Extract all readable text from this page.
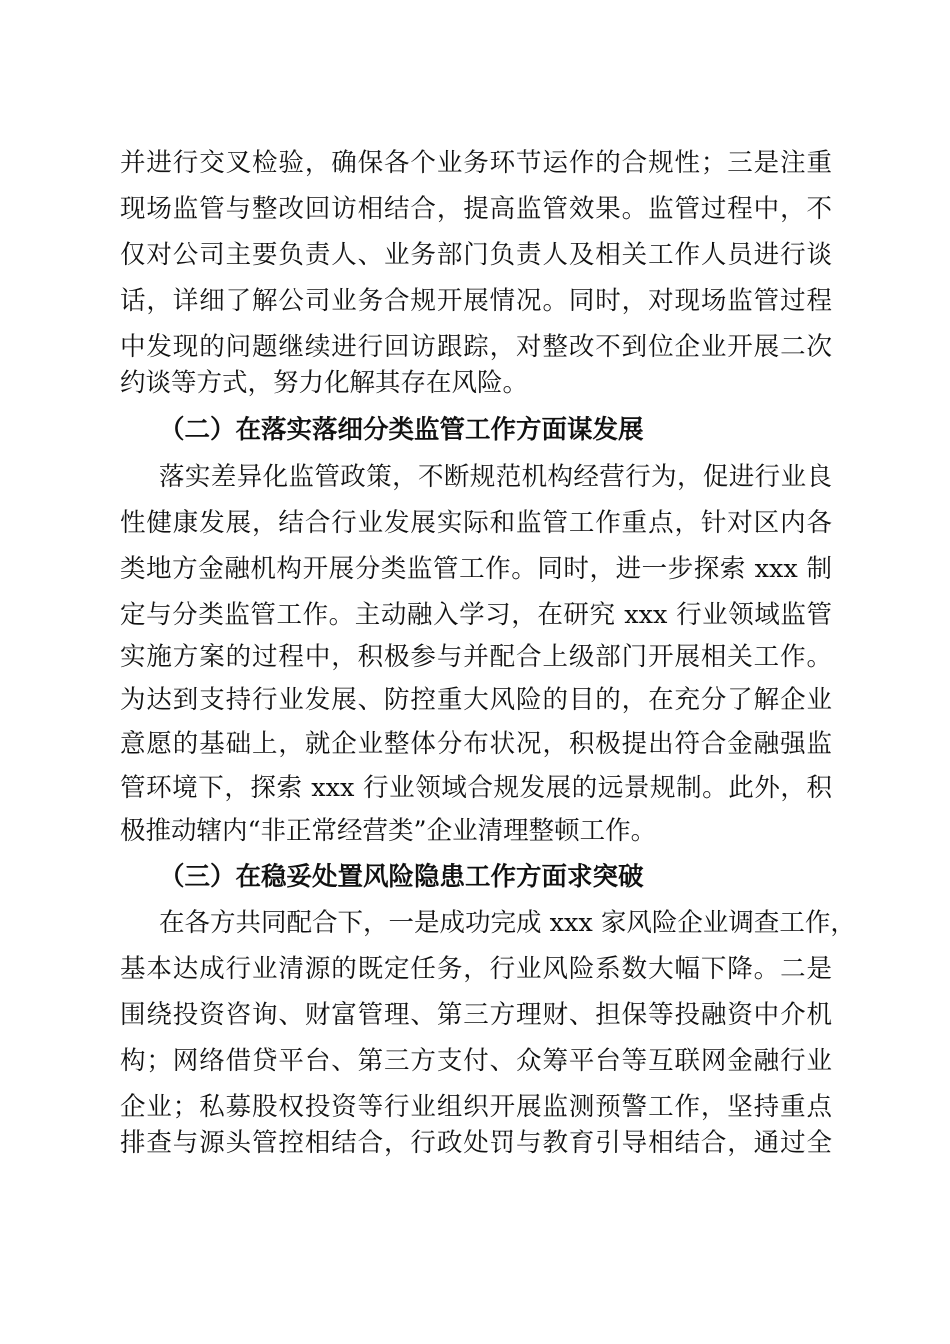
并进行交叉检验，确保各个业务环节运作的合规性；三是注重
现场监管与整改回访相结合，提高监管效果。监管过程中，不
仅对公司主要负责人、业务部门负责人及相关工作人员进行谈
话，详细了解公司业务合规开展情况。同时，对现场监管过程
中发现的问题继续进行回访跟踪，对整改不到位企业开展二次
约谈等方式，努力化解其存在风险。
（二）在落实落细分类监管工作方面谋发展
落实差异化监管政策，不断规范机构经营行为，促进行业良
性健康发展，结合行业发展实际和监管工作重点，针对区内各
类地方金融机构开展分类监管工作。同时，进一步探索 xxx 制
定与分类监管工作。主动融入学习，在研究 xxx 行业领域监管
实施方案的过程中，积极参与并配合上级部门开展相关工作。
为达到支持行业发展、防控重大风险的目的，在充分了解企业
意愿的基础上，就企业整体分布状况，积极提出符合金融强监
管环境下，探索 xxx 行业领域合规发展的远景规制。此外，积
极推动辖内“非正常经营类”企业清理整顿工作。
（三）在稳妥处置风险隐患工作方面求突破
在各方共同配合下，一是成功完成 xxx 家风险企业调查工作，
基本达成行业清源的既定任务，行业风险系数大幅下降。二是
围绕投资咨询、财富管理、第三方理财、担保等投融资中介机
构；网络借贷平台、第三方支付、众筹平台等互联网金融行业
企业；私募股权投资等行业组织开展监测预警工作，坚持重点
排查与源头管控相结合，行政处罚与教育引导相结合，通过全
